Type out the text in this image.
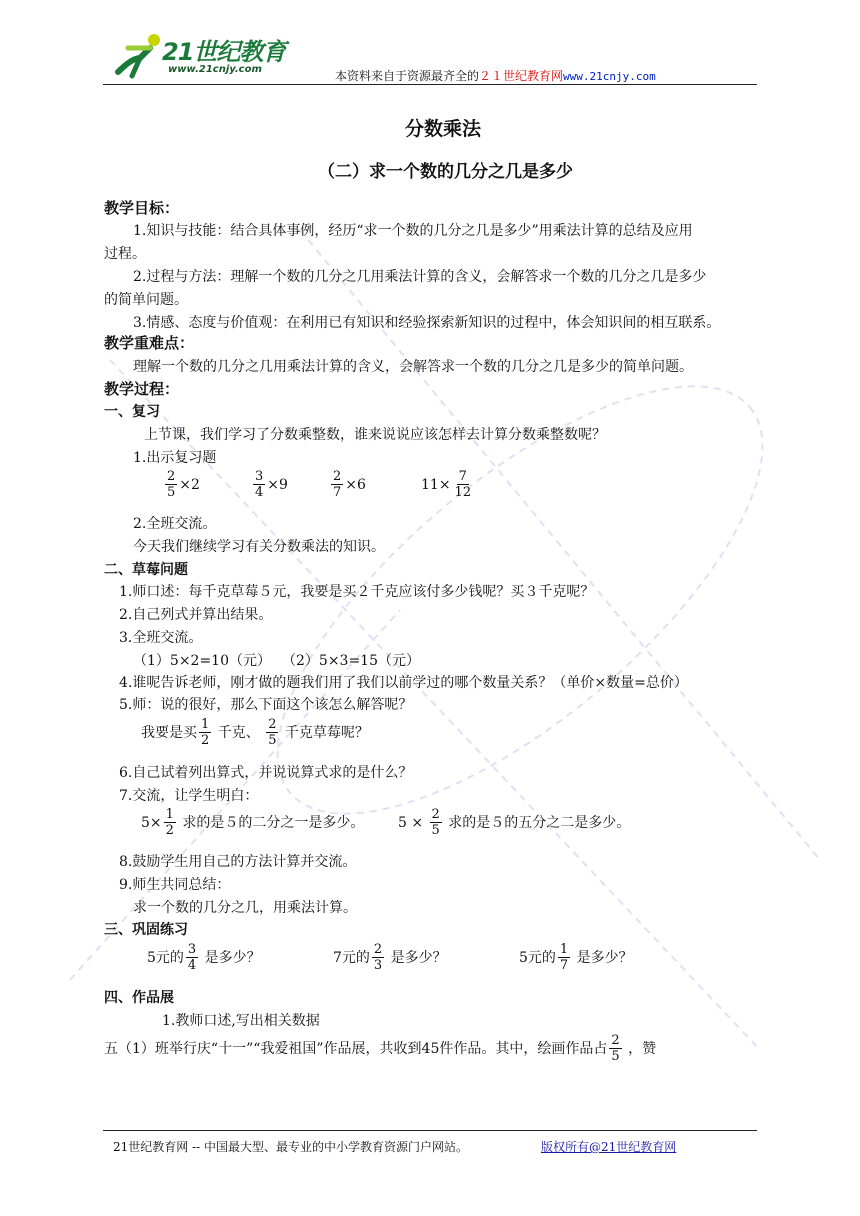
21世纪教育
www.21cnjy.com	本资料来自于资源最齐全的２１世纪教育网www.21cnjy.com
分数乘法
（二）求一个数的几分之几是多少
教学目标：
1.知识与技能：结合具体事例，经历“求一个数的几分之几是多少”用乘法计算的总结及应用
过程。
2.过程与方法：理解一个数的几分之几用乘法计算的含义，会解答求一个数的几分之几是多少
的简单问题。
3.情感、态度与价值观：在利用已有知识和经验探索新知识的过程中，体会知识间的相互联系。
教学重难点：
理解一个数的几分之几用乘法计算的含义，会解答求一个数的几分之几是多少的简单问题。
教学过程：
一、复习
上节课，我们学习了分数乘整数，谁来说说应该怎样去计算分数乘整数呢？
1.出示复习题
$\frac{2}{5} \times 2$	$\frac{3}{4} \times 9$	$\frac{2}{7} \times 6$	$11\times \frac{7}{12}$
2.全班交流。
今天我们继续学习有关分数乘法的知识。
二、草莓问题
1.师口述：每千克草莓５元，我要是买２千克应该付多少钱呢？买３千克呢？
2.自己列式并算出结果。
3.全班交流。
（1）5×2=10（元） （2）5×3=15（元）
4.谁呢告诉老师，刚才做的题我们用了我们以前学过的哪个数量关系？（单价×数量=总价）
5.师：说的很好，那么下面这个该怎么解答呢？
我要是买 $\frac{1}{2}$ 千克、 $\frac{2}{5}$ 千克草莓呢？
6.自己试着列出算式，并说说算式求的是什么？
7.交流，让学生明白：
$5\times \frac{1}{2}$ 求的是５的二分之一是多少。 $5 \times \frac{2}{5}$ 求的是５的五分之二是多少。
8.鼓励学生用自己的方法计算并交流。
9.师生共同总结：
求一个数的几分之几，用乘法计算。
三、巩固练习
5元的 $\frac{3}{4}$ 是多少？	7元的 $\frac{2}{3}$ 是多少？	5元的 $\frac{1}{7}$ 是多少？
四、作品展
1.教师口述,写出相关数据
五（1）班举行庆“十一”“我爱祖国”作品展，共收到45件作品。其中，绘画作品占 $\frac{2}{5}$ ，赞
21世纪教育网 -- 中国最大型、最专业的中小学教育资源门户网站。	版权所有@21世纪教育网
